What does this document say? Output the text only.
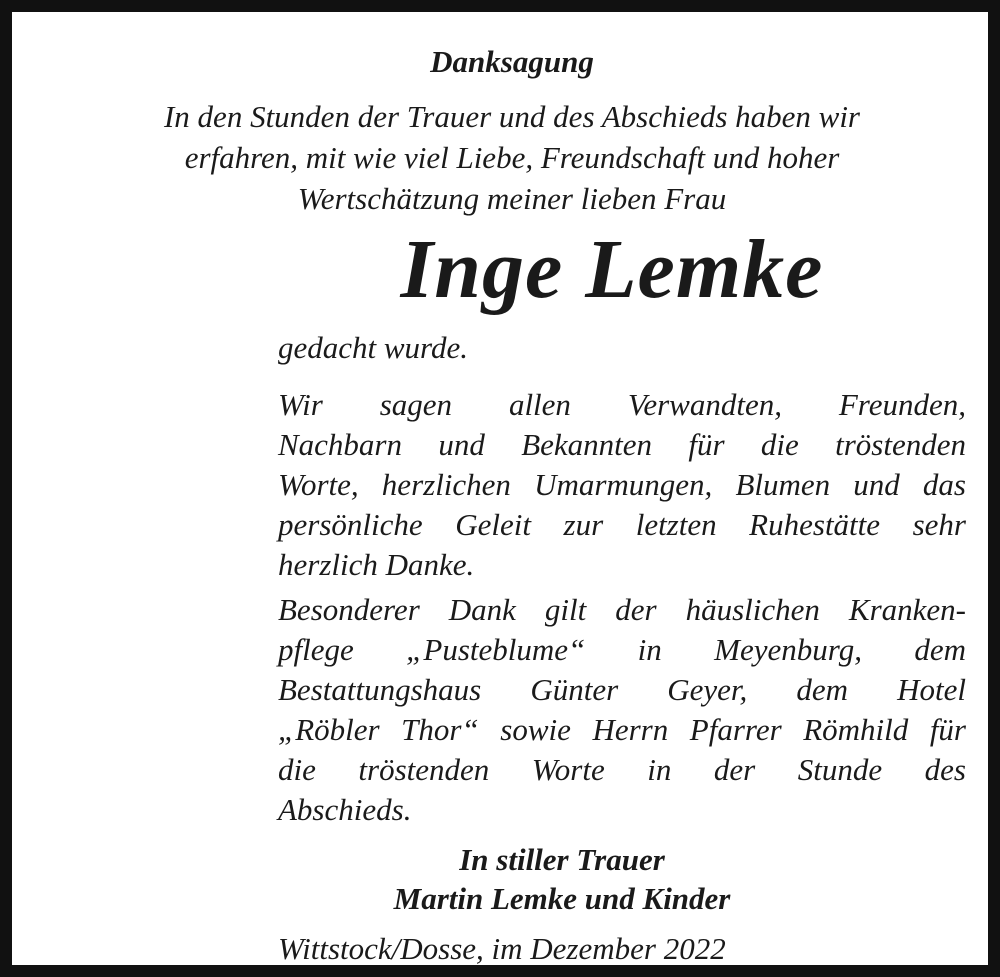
Danksagung
In den Stunden der Trauer und des Abschieds haben wir
erfahren, mit wie viel Liebe, Freundschaft und hoher
Wertschätzung meiner lieben Frau
Inge Lemke
gedacht wurde.
Wir sagen allen Verwandten, Freunden,
Nachbarn und Bekannten für die tröstenden
Worte, herzlichen Umarmungen, Blumen und das
persönliche Geleit zur letzten Ruhestätte sehr
herzlich Danke.
Besonderer Dank gilt der häuslichen Kranken-
pflege „Pusteblume“ in Meyenburg, dem
Bestattungshaus Günter Geyer, dem Hotel
„Röbler Thor“ sowie Herrn Pfarrer Römhild für
die tröstenden Worte in der Stunde des
Abschieds.
In stiller Trauer
Martin Lemke und Kinder
Wittstock/Dosse, im Dezember 2022
